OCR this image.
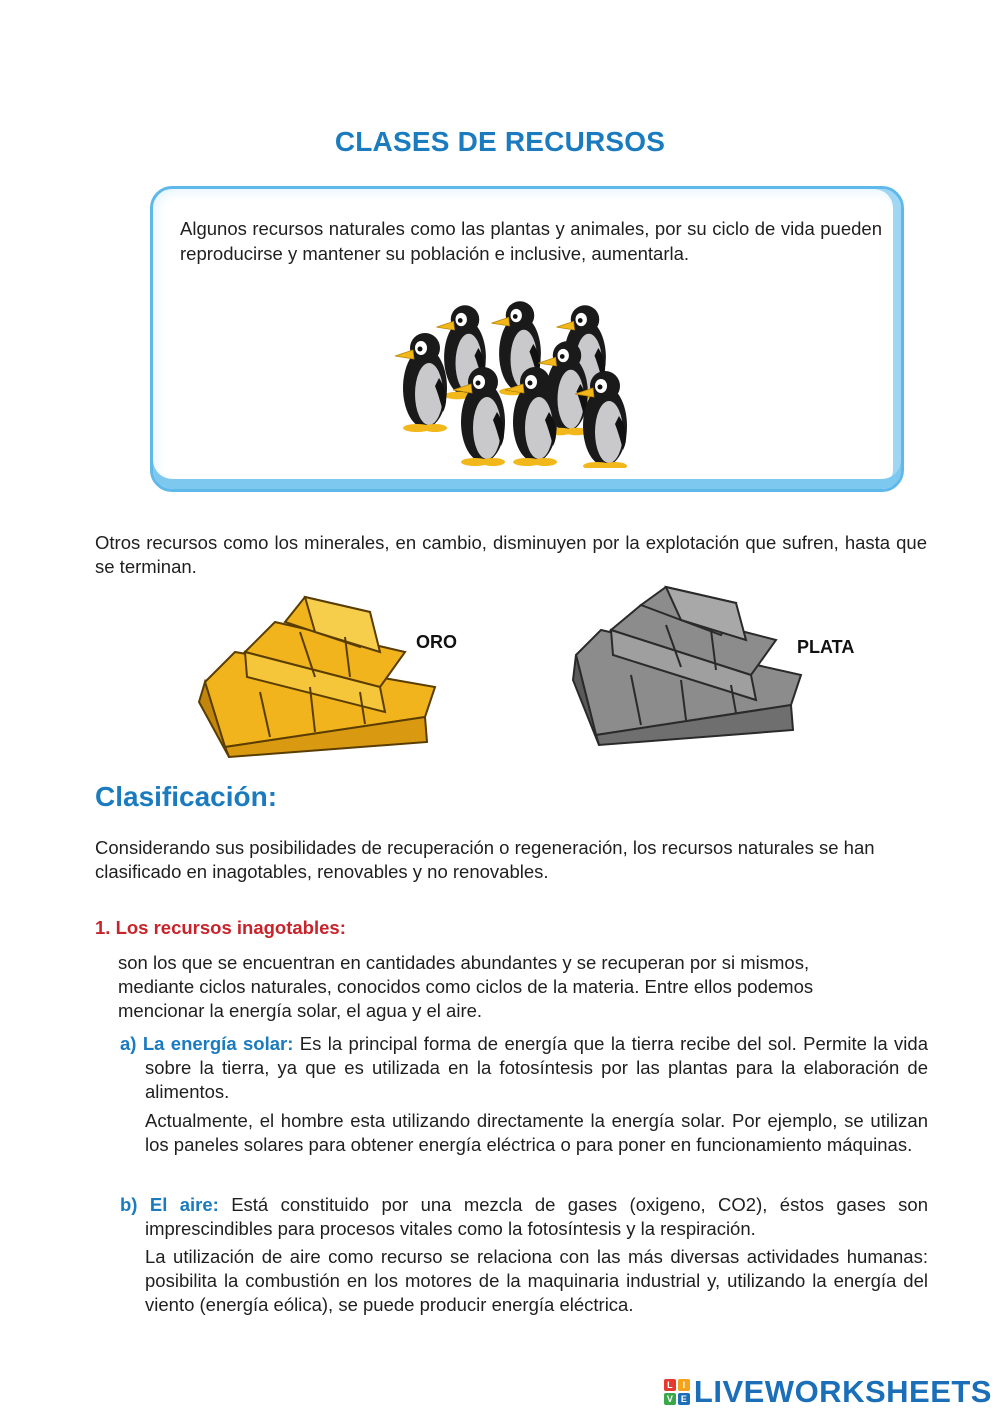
CLASES DE RECURSOS
Algunos recursos naturales como las plantas y animales, por su ciclo de vida pueden reproducirse y mantener su población e inclusive, aumentarla.
Otros recursos como los minerales, en cambio, disminuyen por la explotación que sufren, hasta que se terminan.
ORO	PLATA
Clasificación:
Considerando sus posibilidades de recuperación o regeneración, los recursos naturales se han clasificado en inagotables, renovables y no renovables.
1. Los recursos inagotables:
son los que se encuentran en cantidades abundantes y se recuperan por si mismos, mediante ciclos naturales, conocidos como ciclos de la materia. Entre ellos podemos mencionar la energía solar, el agua y el aire.
a) La energía solar: Es la principal forma de energía que la tierra recibe del sol. Permite la vida sobre la tierra, ya que es utilizada en la fotosíntesis por las plantas para la elaboración de alimentos.
Actualmente, el hombre esta utilizando directamente la energía solar. Por ejemplo, se utilizan los paneles solares para obtener energía eléctrica o para poner en funcionamiento máquinas.
b) El aire: Está constituido por una mezcla de gases (oxigeno, CO2), éstos gases son imprescindibles para procesos vitales como la fotosíntesis y la respiración.
La utilización de aire como recurso se relaciona con las más diversas actividades humanas: posibilita la combustión en los motores de la maquinaria industrial y, utilizando la energía del viento (energía eólica), se puede producir energía eléctrica.
L	I
V E LIVEWORKSHEETS
